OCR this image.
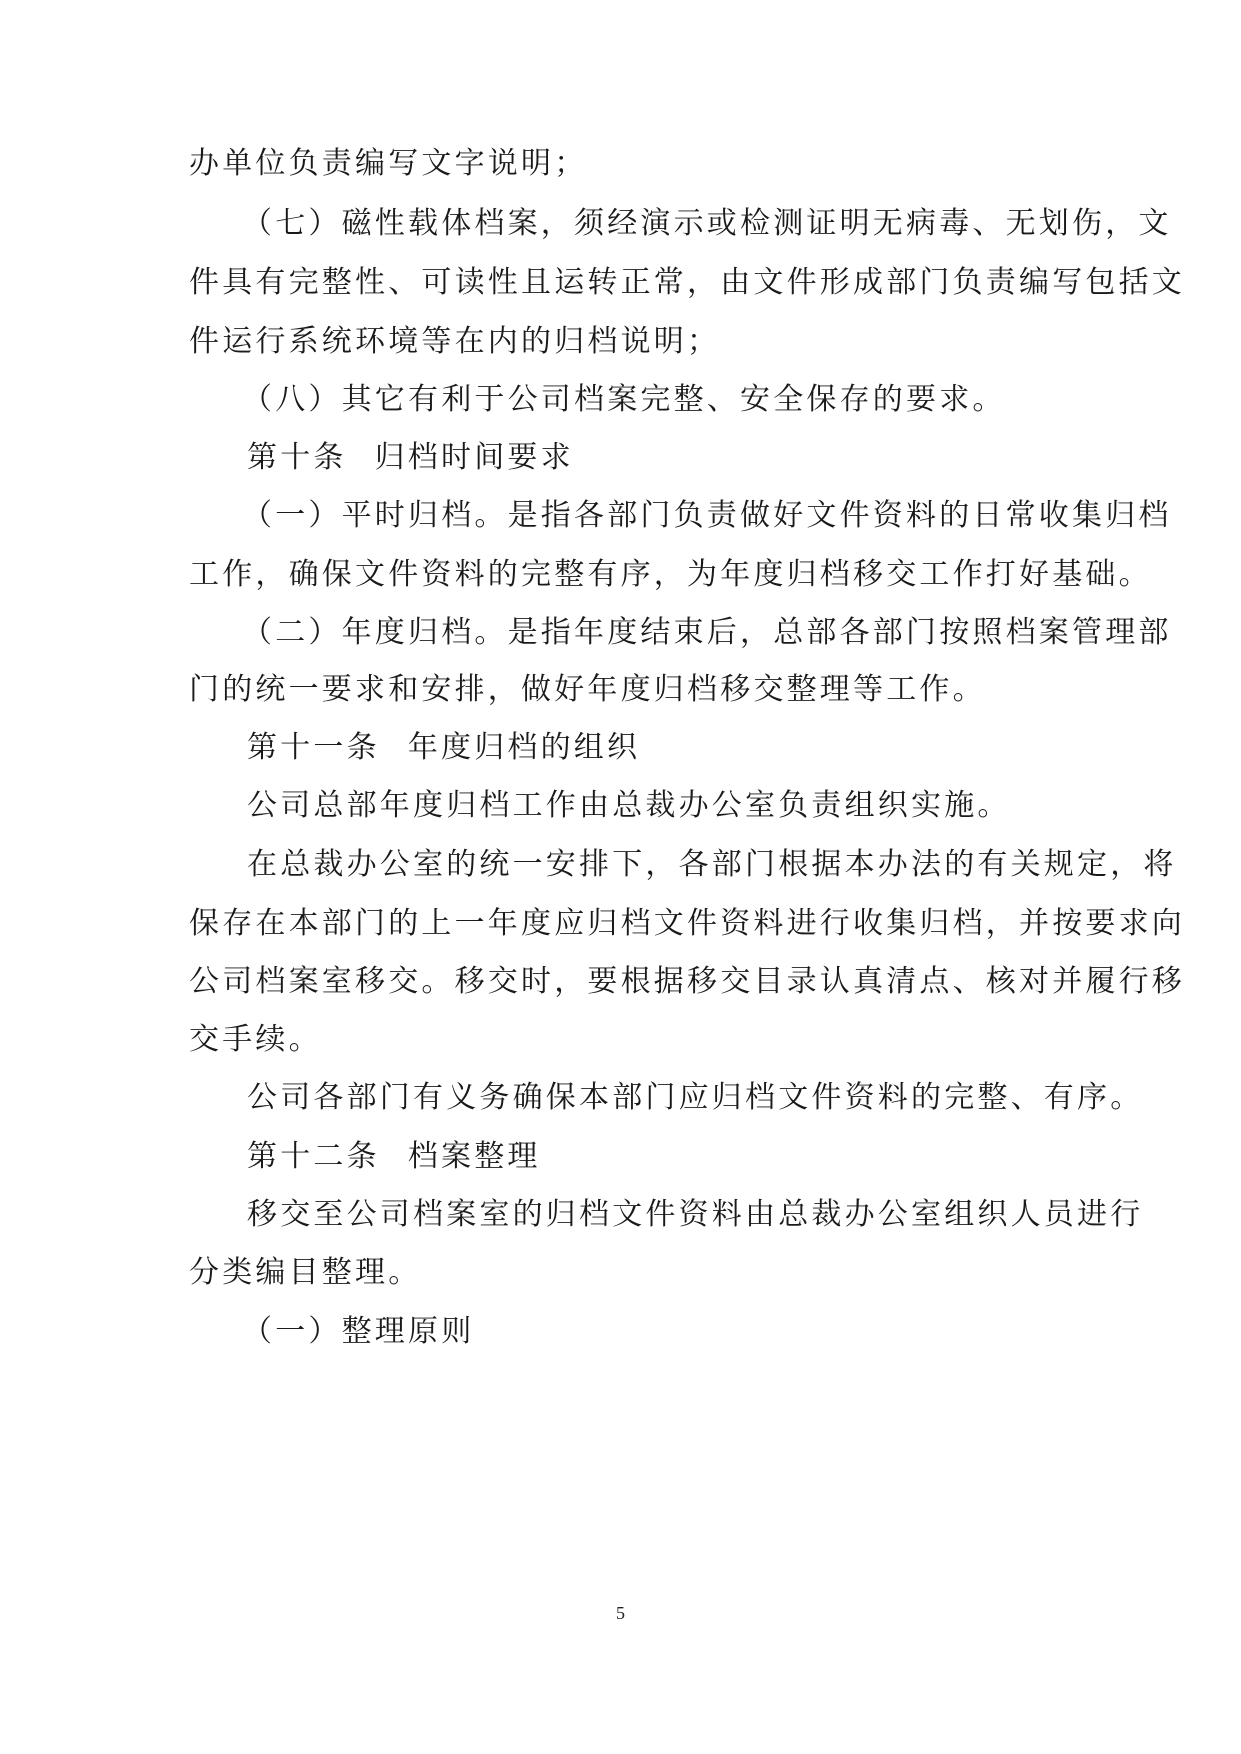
办单位负责编写文字说明；
（七）磁性载体档案，须经演示或检测证明无病毒、无划伤，文
件具有完整性、可读性且运转正常，由文件形成部门负责编写包括文
件运行系统环境等在内的归档说明；
（八）其它有利于公司档案完整、安全保存的要求。
第十条 归档时间要求
（一）平时归档。是指各部门负责做好文件资料的日常收集归档
工作，确保文件资料的完整有序，为年度归档移交工作打好基础。
（二）年度归档。是指年度结束后，总部各部门按照档案管理部
门的统一要求和安排，做好年度归档移交整理等工作。
第十一条 年度归档的组织
公司总部年度归档工作由总裁办公室负责组织实施。
在总裁办公室的统一安排下，各部门根据本办法的有关规定，将
保存在本部门的上一年度应归档文件资料进行收集归档，并按要求向
公司档案室移交。移交时，要根据移交目录认真清点、核对并履行移
交手续。
公司各部门有义务确保本部门应归档文件资料的完整、有序。
第十二条 档案整理
移交至公司档案室的归档文件资料由总裁办公室组织人员进行
分类编目整理。
（一）整理原则
5
